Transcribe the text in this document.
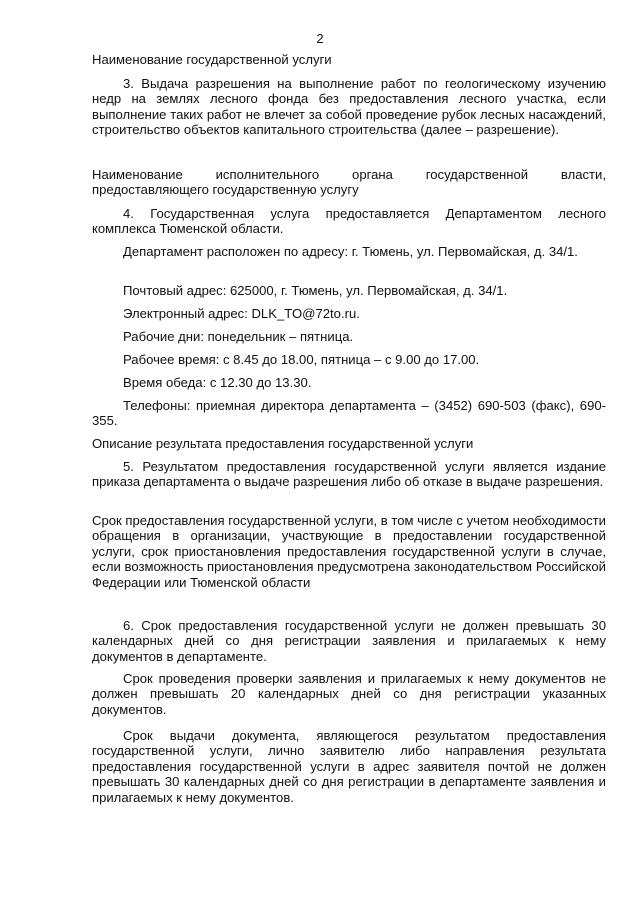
2

Наименование государственной услуги

3. Выдача разрешения на выполнение работ по геологическому изучению недр на землях лесного фонда без предоставления лесного участка, если выполнение таких работ не влечет за собой проведение рубок лесных насаждений, строительство объектов капитального строительства (далее – разрешение).

Наименование исполнительного органа государственной власти, предоставляющего государственную услугу

4. Государственная услуга предоставляется Департаментом лесного комплекса Тюменской области.

Департамент расположен по адресу: г. Тюмень, ул. Первомайская, д. 34/1.

Почтовый адрес: 625000, г. Тюмень, ул. Первомайская, д. 34/1.

Электронный адрес: DLK_TO@72to.ru.

Рабочие дни: понедельник – пятница.

Рабочее время: с 8.45 до 18.00, пятница – с 9.00 до 17.00.

Время обеда: с 12.30 до 13.30.

Телефоны: приемная директора департамента – (3452) 690-503 (факс), 690-355.

Описание результата предоставления государственной услуги

5. Результатом предоставления государственной услуги является издание приказа департамента о выдаче разрешения либо об отказе в выдаче разрешения.

Срок предоставления государственной услуги, в том числе с учетом необходимости обращения в организации, участвующие в предоставлении государственной услуги, срок приостановления предоставления государственной услуги в случае, если возможность приостановления предусмотрена законодательством Российской Федерации или Тюменской области

6. Срок предоставления государственной услуги не должен превышать 30 календарных дней со дня регистрации заявления и прилагаемых к нему документов в департаменте.

Срок проведения проверки заявления и прилагаемых к нему документов не должен превышать 20 календарных дней со дня регистрации указанных документов.

Срок выдачи документа, являющегося результатом предоставления государственной услуги, лично заявителю либо направления результата предоставления государственной услуги в адрес заявителя почтой не должен превышать 30 календарных дней со дня регистрации в департаменте заявления и прилагаемых к нему документов.
